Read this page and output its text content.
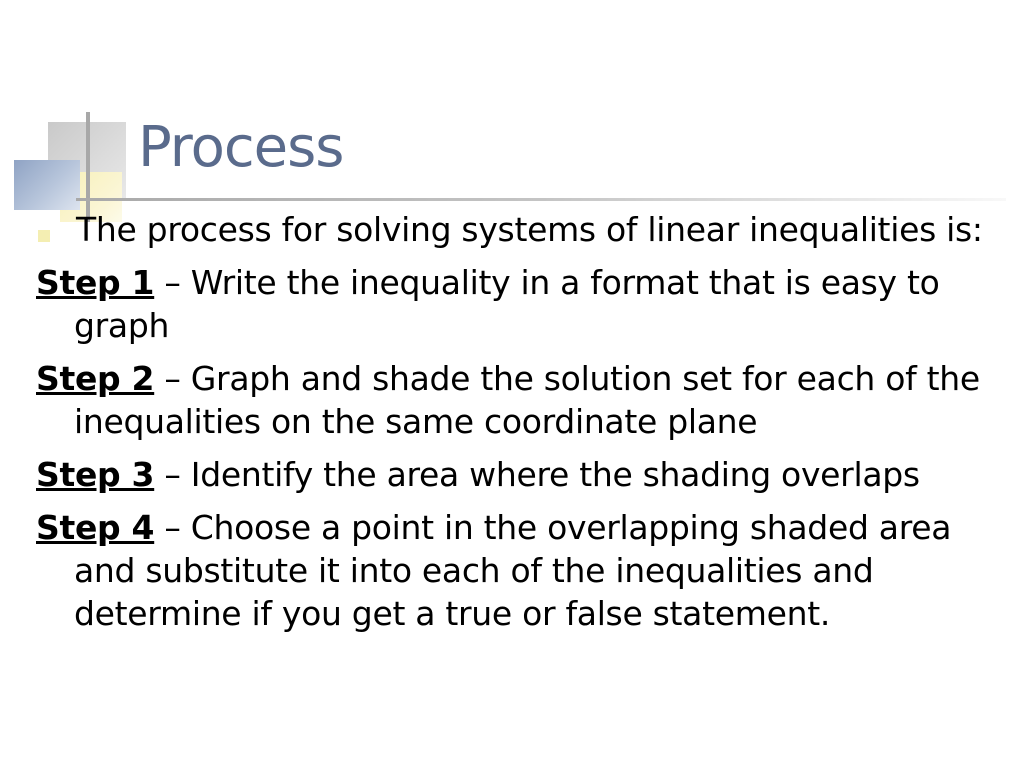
Process

The process for solving systems of linear inequalities is:

Step 1 – Write the inequality in a format that is easy to graph

Step 2 – Graph and shade the solution set for each of the inequalities on the same coordinate plane

Step 3 – Identify the area where the shading overlaps

Step 4 – Choose a point in the overlapping shaded area and substitute it into each of the inequalities and determine if you get a true or false statement.
